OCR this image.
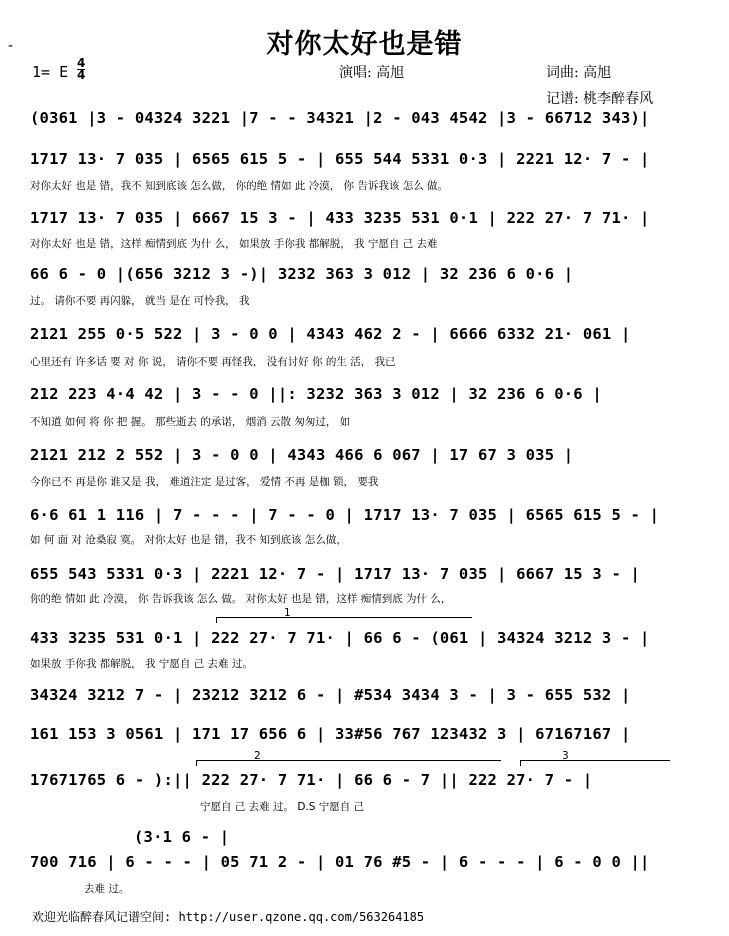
-	对你太好也是错
1= E 4
4	演唱: 高旭	词曲: 高旭
记谱: 桃李醉春风
(0361 |3 - 04324 3221 |7 - - 34321 |2 - 043 4542 |3 - 66712 343)|
1717 13· 7 035 | 6565 615 5 - | 655 544 5331 0·3 | 2221 12· 7 - |
对你太好 也是 错，我不 知到底该 怎么做， 你的绝 情如 此 冷漠， 你 告诉我该 怎么 做。
1717 13· 7 035 | 6667 15 3 - | 433 3235 531 0·1 | 222 27· 7 71· |
对你太好 也是 错，这样 痴情到底 为什 么， 如果放 手你我 都解脱， 我 宁愿自 己 去难
66 6 - 0 |(656 3212 3 -)| 3232 363 3 012 | 32 236 6 0·6 |
过。 请你不要 再闪躲， 就当 是在 可怜我， 我
2121 255 0·5 522 | 3 - 0 0 | 4343 462 2 - | 6666 6332 21· 061 |
心里还有 许多话 要 对 你 说， 请你不要 再怪我， 没有讨好 你 的生 活， 我已
212 223 4·4 42 | 3 - - 0 ||: 3232 363 3 012 | 32 236 6 0·6 |
不知道 如何 将 你 把 握。 那些逝去 的承诺， 烟消 云散 匆匆过， 如
2121 212 2 552 | 3 - 0 0 | 4343 466 6 067 | 17 67 3 035 |
今你已不 再是你 谁又是 我， 难道注定 是过客， 爱情 不再 是枷 锁， 要我
6·6 61 1 116 | 7 - - - | 7 - - 0 | 1717 13· 7 035 | 6565 615 5 - |
如 何 面 对 沧桑寂 寞。 对你太好 也是 错，我不 知到底该 怎么做，
655 543 5331 0·3 | 2221 12· 7 - | 1717 13· 7 035 | 6667 15 3 - |
你的绝 情如 此 冷漠， 你 告诉我该 怎么 做。 对你太好 也是 错，这样 痴情到底 为什 么，
1
433 3235 531 0·1 | 222 27· 7 71· | 66 6 - (061 | 34324 3212 3 - |
如果放 手你我 都解脱， 我 宁愿自 己 去难 过。
34324 3212 7 - | 23212 3212 6 - | #534 3434 3 - | 3 - 655 532 |
161 153 3 0561 | 171 17 656 6 | 33#56 767 123432 3 | 67167167 |
2	3
17671765 6 - ):|| 222 27· 7 71· | 66 6 - 7 || 222 27· 7 - |
宁愿自 己 去难 过。 D.S 宁愿自 己
(3·1 6 - |
700 716 | 6 - - - | 05 71 2 - | 01 76 #5 - | 6 - - - | 6 - 0 0 ||
去难 过。
欢迎光临醉春风记谱空间: http://user.qzone.qq.com/563264185
